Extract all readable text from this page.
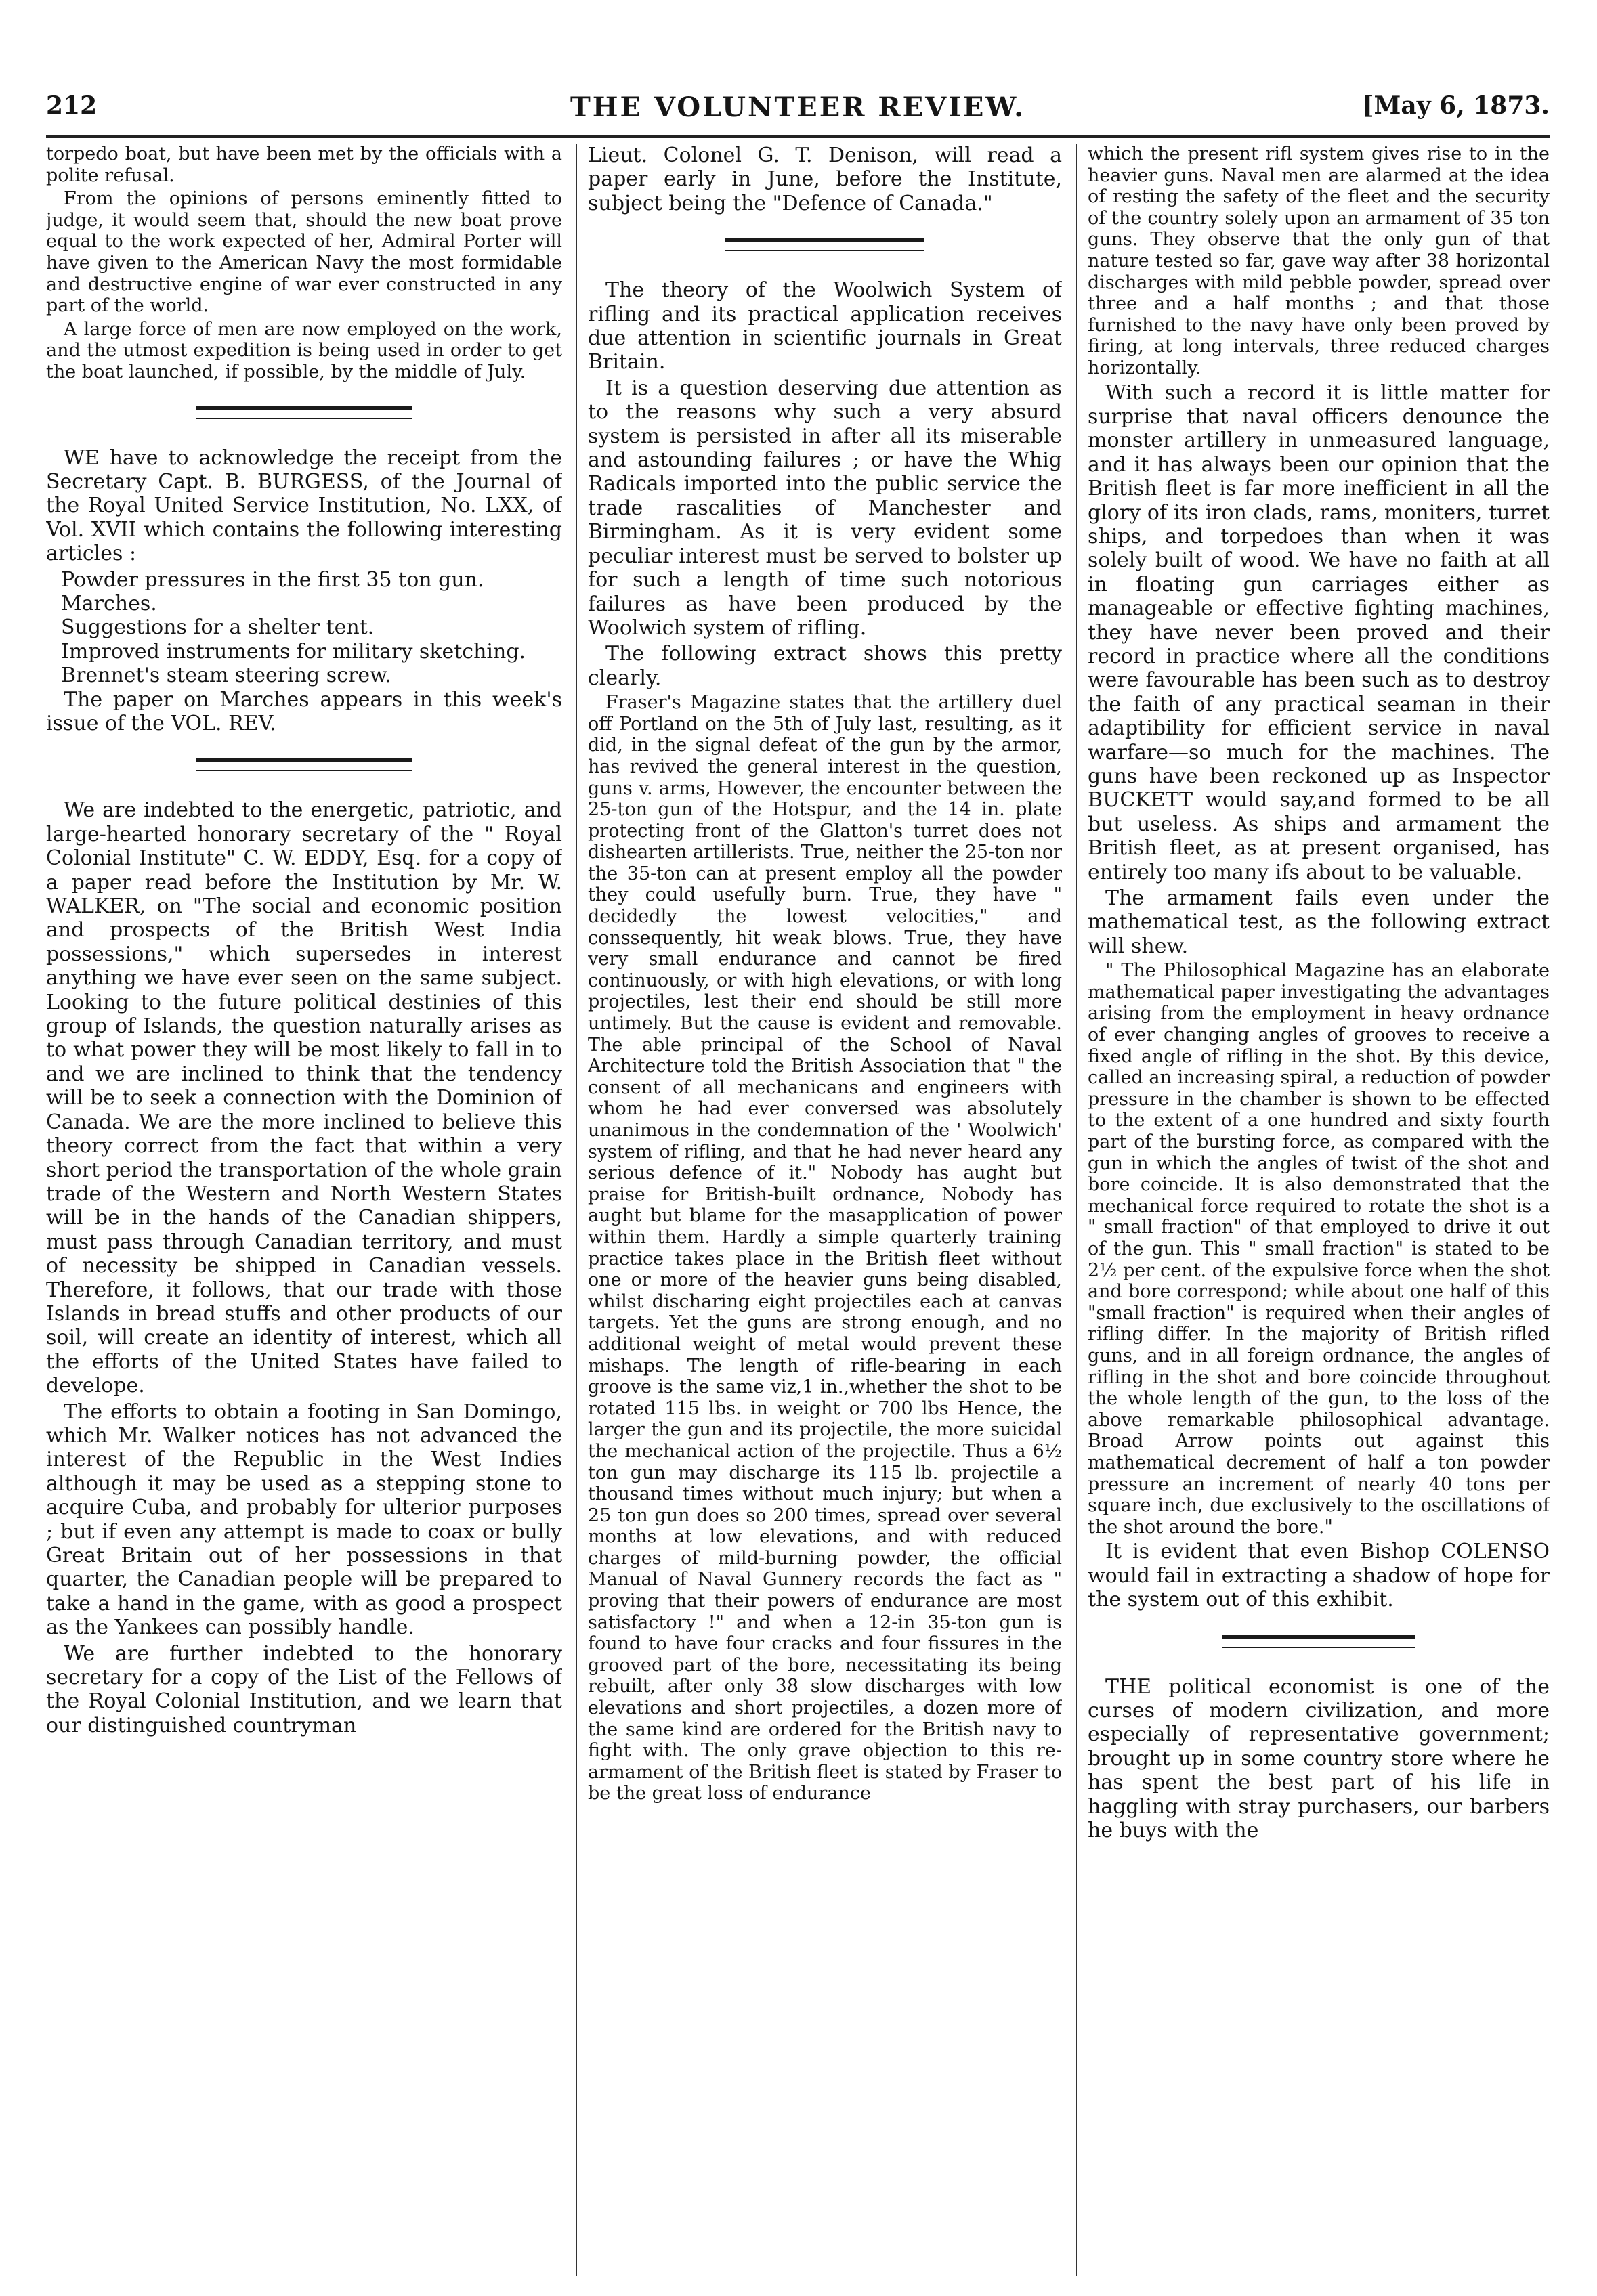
212	THE VOLUNTEER REVIEW.	[May 6, 1873.

torpedo boat, but have been met by the officials with a polite refusal.

From the opinions of persons eminently fitted to judge, it would seem that, should the new boat prove equal to the work expected of her, Admiral Porter will have given to the American Navy the most formidable and destructive engine of war ever constructed in any part of the world.

A large force of men are now employed on the work, and the utmost expedition is being used in order to get the boat launched, if possible, by the middle of July.

WE have to acknowledge the receipt from the Secretary Capt. B. BURGESS, of the Journal of the Royal United Service Institution, No. LXX, of Vol. XVII which contains the following interesting articles :

Powder pressures in the first 35 ton gun.

Marches.

Suggestions for a shelter tent.

Improved instruments for military sketching.

Brennet's steam steering screw.

The paper on Marches appears in this week's issue of the VOL. REV.

We are indebted to the energetic, patriotic, and large-hearted honorary secretary of the " Royal Colonial Institute" C. W. EDDY, Esq. for a copy of a paper read before the Institution by Mr. W. WALKER, on "The social and economic position and prospects of the British West India possessions," which supersedes in interest anything we have ever seen on the same subject. Looking to the future political destinies of this group of Islands, the question naturally arises as to what power they will be most likely to fall in to and we are inclined to think that the tendency will be to seek a connection with the Dominion of Canada. We are the more inclined to believe this theory correct from the fact that within a very short period the transportation of the whole grain trade of the Western and North Western States will be in the hands of the Canadian shippers, must pass through Canadian territory, and must of necessity be shipped in Canadian vessels. Therefore, it follows, that our trade with those Islands in bread stuffs and other products of our soil, will create an identity of interest, which all the efforts of the United States have failed to develope.

The efforts to obtain a footing in San Domingo, which Mr. Walker notices has not advanced the interest of the Republic in the West Indies although it may be used as a stepping stone to acquire Cuba, and probably for ulterior purposes ; but if even any attempt is made to coax or bully Great Britain out of her possessions in that quarter, the Canadian people will be prepared to take a hand in the game, with as good a prospect as the Yankees can possibly handle.

We are further indebted to the honorary secretary for a copy of the List of the Fellows of the Royal Colonial Institution, and we learn that our distinguished countryman

Lieut. Colonel G. T. Denison, will read a paper early in June, before the Institute, subject being the "Defence of Canada."

The theory of the Woolwich System of rifling and its practical application receives due attention in scientific journals in Great Britain.

It is a question deserving due attention as to the reasons why such a very absurd system is persisted in after all its miserable and astounding failures ; or have the Whig Radicals imported into the public service the trade rascalities of Manchester and Birmingham. As it is very evident some peculiar interest must be served to bolster up for such a length of time such notorious failures as have been produced by the Woolwich system of rifling.

The following extract shows this pretty clearly.

Fraser's Magazine states that the artillery duel off Portland on the 5th of July last, resulting, as it did, in the signal defeat of the gun by the armor, has revived the general interest in the question, guns v. arms, However, the encounter between the 25-ton gun of the Hotspur, and the 14 in. plate protecting front of the Glatton's turret does not dishearten artillerists. True, neither the 25-ton nor the 35-ton can at present employ all the powder they could usefully burn. True, they have " decidedly the lowest velocities," and conssequently, hit weak blows. True, they have very small endurance and cannot be fired continuously, or with high elevations, or with long projectiles, lest their end should be still more untimely. But the cause is evident and removable. The able principal of the School of Naval Architecture told the British Association that " the consent of all mechanicans and engineers with whom he had ever conversed was absolutely unanimous in the condemnation of the ' Woolwich' system of rifling, and that he had never heard any serious defence of it." Nobody has aught but praise for British-built ordnance, Nobody has aught but blame for the masapplication of power within them. Hardly a simple quarterly training practice takes place in the British fleet without one or more of the heavier guns being disabled, whilst discharing eight projectiles each at canvas targets. Yet the guns are strong enough, and no additional weight of metal would prevent these mishaps. The length of rifle-bearing in each groove is the same viz,1 in.,whether the shot to be rotated 115 lbs. in weight or 700 lbs Hence, the larger the gun and its projectile, the more suicidal the mechanical action of the projectile. Thus a 6½ ton gun may discharge its 115 lb. projectile a thousand times without much injury; but when a 25 ton gun does so 200 times, spread over several months at low elevations, and with reduced charges of mild-burning powder, the official Manual of Naval Gunnery records the fact as " proving that their powers of endurance are most satisfactory !" and when a 12-in 35-ton gun is found to have four cracks and four fissures in the grooved part of the bore, necessitating its being rebuilt, after only 38 slow discharges with low elevations and short projectiles, a dozen more of the same kind are ordered for the British navy to fight with. The only grave objection to this re-armament of the British fleet is stated by Fraser to be the great loss of endurance

which the present rifl system gives rise to in the heavier guns. Naval men are alarmed at the idea of resting the safety of the fleet and the security of the country solely upon an armament of 35 ton guns. They observe that the only gun of that nature tested so far, gave way after 38 horizontal discharges with mild pebble powder, spread over three and a half months ; and that those furnished to the navy have only been proved by firing, at long intervals, three reduced charges horizontally.

With such a record it is little matter for surprise that naval officers denounce the monster artillery in unmeasured language, and it has always been our opinion that the British fleet is far more inefficient in all the glory of its iron clads, rams, moniters, turret ships, and torpedoes than when it was solely built of wood. We have no faith at all in floating gun carriages either as manageable or effective fighting machines, they have never been proved and their record in practice where all the conditions were favourable has been such as to destroy the faith of any practical seaman in their adaptibility for efficient service in naval warfare—so much for the machines. The guns have been reckoned up as Inspector BUCKETT would say,and formed to be all but useless. As ships and armament the British fleet, as at present organised, has entirely too many ifs about to be valuable.

The armament fails even under the mathematical test, as the following extract will shew.

" The Philosophical Magazine has an elaborate mathematical paper investigating the advantages arising from the employment in heavy ordnance of ever changing angles of grooves to receive a fixed angle of rifling in the shot. By this device, called an increasing spiral, a reduction of powder pressure in the chamber is shown to be effected to the extent of a one hundred and sixty fourth part of the bursting force, as compared with the gun in which the angles of twist of the shot and bore coincide. It is also demonstrated that the mechanical force required to rotate the shot is a " small fraction" of that employed to drive it out of the gun. This " small fraction" is stated to be 2½ per cent. of the expulsive force when the shot and bore correspond; while about one half of this "small fraction" is required when their angles of rifling differ. In the majority of British rifled guns, and in all foreign ordnance, the angles of rifling in the shot and bore coincide throughout the whole length of the gun, to the loss of the above remarkable philosophical advantage. Broad Arrow points out against this mathematical decrement of half a ton powder pressure an increment of nearly 40 tons per square inch, due exclusively to the oscillations of the shot around the bore."

It is evident that even Bishop COLENSO would fail in extracting a shadow of hope for the system out of this exhibit.

THE political economist is one of the curses of modern civilization, and more especially of representative government; brought up in some country store where he has spent the best part of his life in haggling with stray purchasers, our barbers he buys with the
